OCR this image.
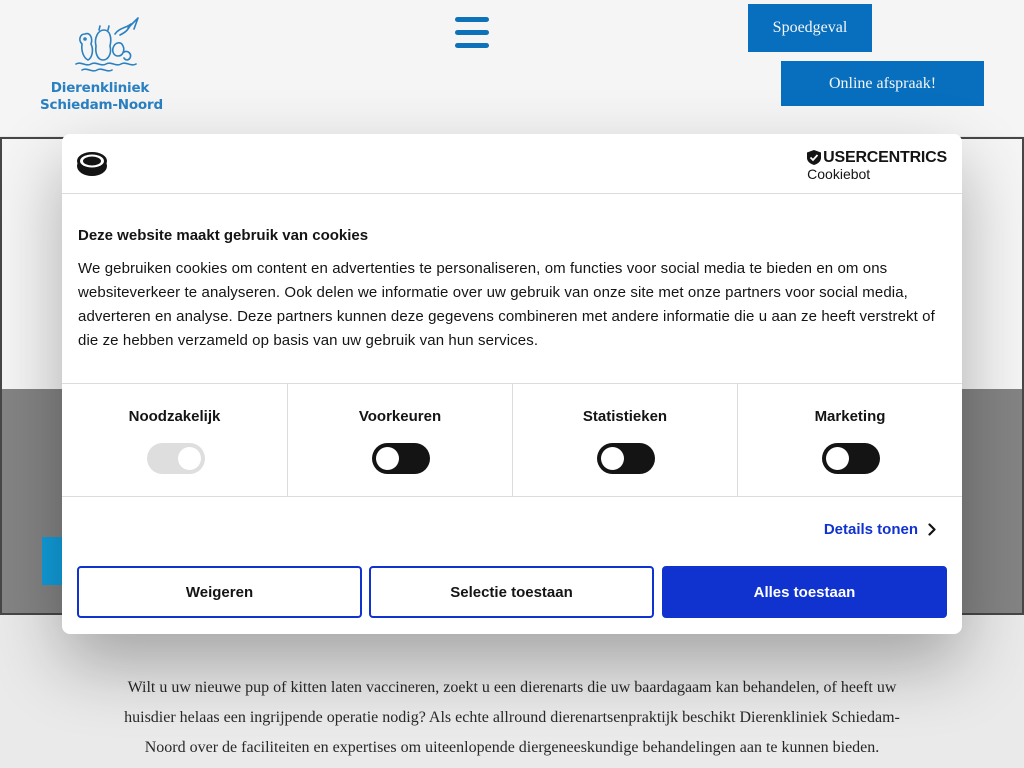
Dierenkliniek
Schiedam-Noord
Spoedgeval
Online afspraak!

Wilt u uw nieuwe pup of kitten laten vaccineren, zoekt u een dierenarts die uw baardagaam kan behandelen, of heeft uw huisdier helaas een ingrijpende operatie nodig? Als echte allround dierenartsenpraktijk beschikt Dierenkliniek Schiedam-Noord over de faciliteiten en expertises om uiteenlopende diergeneeskundige behandelingen aan te kunnen bieden.

USERCENTRICS
Cookiebot
Deze website maakt gebruik van cookies
We gebruiken cookies om content en advertenties te personaliseren, om functies voor social media te bieden en om ons websiteverkeer te analyseren. Ook delen we informatie over uw gebruik van onze site met onze partners voor social media, adverteren en analyse. Deze partners kunnen deze gegevens combineren met andere informatie die u aan ze heeft verstrekt of die ze hebben verzameld op basis van uw gebruik van hun services.
Noodzakelijk	Voorkeuren	Statistieken	Marketing
Details tonen
Weigeren	Selectie toestaan	Alles toestaan
